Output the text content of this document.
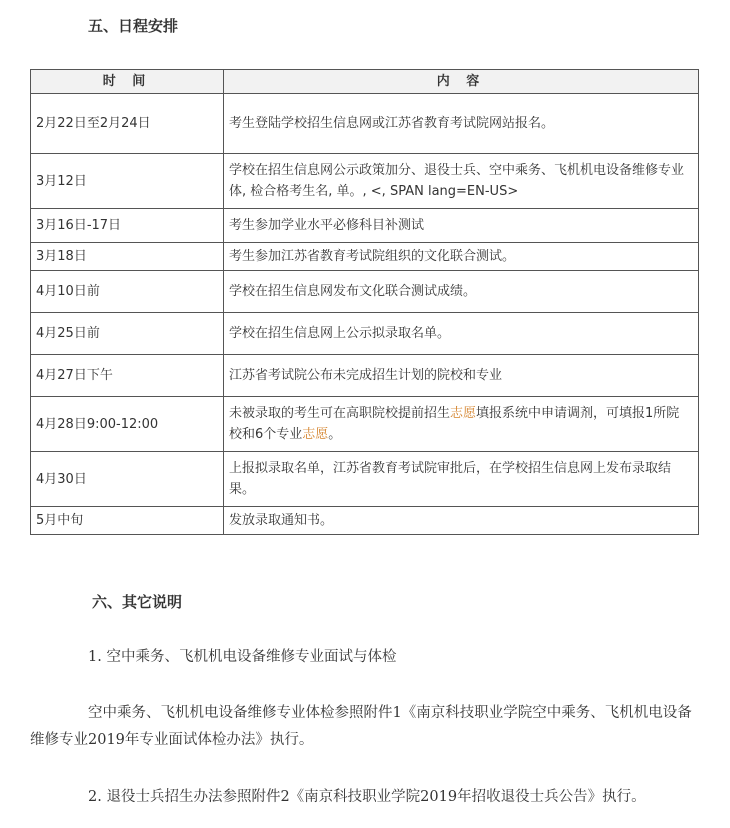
五、日程安排
时 间	内 容
2月22日至2月24日	考生登陆学校招生信息网或江苏省教育考试院网站报名。
3月12日	学校在招生信息网公示政策加分、退役士兵、空中乘务、飞机机电设备维修专业体, 检合格考生名, 单。, <, SPAN lang=EN-US>
3月16日-17日	考生参加学业水平必修科目补测试
3月18日	考生参加江苏省教育考试院组织的文化联合测试。
4月10日前	学校在招生信息网发布文化联合测试成绩。
4月25日前	学校在招生信息网上公示拟录取名单。
4月27日下午	江苏省考试院公布未完成招生计划的院校和专业
4月28日9:00-12:00	未被录取的考生可在高职院校提前招生志愿填报系统中申请调剂，可填报1所院校和6个专业志愿。
4月30日	上报拟录取名单，江苏省教育考试院审批后，在学校招生信息网上发布录取结果。
5月中旬	发放录取通知书。
六、其它说明
1. 空中乘务、飞机机电设备维修专业面试与体检
空中乘务、飞机机电设备维修专业体检参照附件1《南京科技职业学院空中乘务、飞机机电设备维修专业2019年专业面试体检办法》执行。
2. 退役士兵招生办法参照附件2《南京科技职业学院2019年招收退役士兵公告》执行。
